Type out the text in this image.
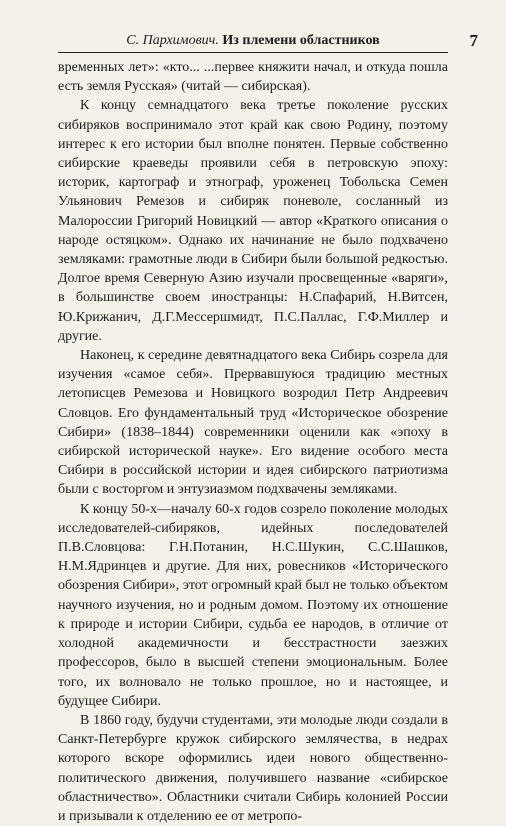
С. Пархимович. Из племени областников	7

временных лет»: «кто... ...первее княжити начал, и откуда пошла есть земля Русская» (читай — сибирская).

К концу семнадцатого века третье поколение русских сибиряков воспринимало этот край как свою Родину, поэтому интерес к его истории был вполне понятен. Первые собственно сибирские краеведы проявили себя в петровскую эпоху: историк, картограф и этнограф, уроженец Тобольска Семен Ульянович Ремезов и сибиряк поневоле, сосланный из Малороссии Григорий Новицкий — автор «Краткого описания о народе остяцком». Однако их начинание не было подхвачено земляками: грамотные люди в Сибири были большой редкостью. Долгое время Северную Азию изучали просвещенные «варяги», в большинстве своем иностранцы: Н.Спафарий, Н.Витсен, Ю.Крижанич, Д.Г.Мессершмидт, П.С.Паллас, Г.Ф.Миллер и другие.

Наконец, к середине девятнадцатого века Сибирь созрела для изучения «самое себя». Прервавшуюся традицию местных летописцев Ремезова и Новицкого возродил Петр Андреевич Словцов. Его фундаментальный труд «Историческое обозрение Сибири» (1838–1844) современники оценили как «эпоху в сибирской исторической науке». Его видение особого места Сибири в российской истории и идея сибирского патриотизма были с восторгом и энтузиазмом подхвачены земляками.

К концу 50-х—началу 60-х годов созрело поколение молодых исследователей-сибиряков, идейных последователей П.В.Словцова: Г.Н.Потанин, Н.С.Шукин, С.С.Шашков, Н.М.Ядринцев и другие. Для них, ровесников «Исторического обозрения Сибири», этот огромный край был не только объектом научного изучения, но и родным домом. Поэтому их отношение к природе и истории Сибири, судьба ее народов, в отличие от холодной академичности и бесстрастности заезжих профессоров, было в высшей степени эмоциональным. Более того, их волновало не только прошлое, но и настоящее, и будущее Сибири.

В 1860 году, будучи студентами, эти молодые люди создали в Санкт-Петербурге кружок сибирского землячества, в недрах которого вскоре оформились идеи нового общественно-политического движения, получившего название «сибирское областничество». Областники считали Сибирь колонией России и призывали к отделению ее от метропо-
